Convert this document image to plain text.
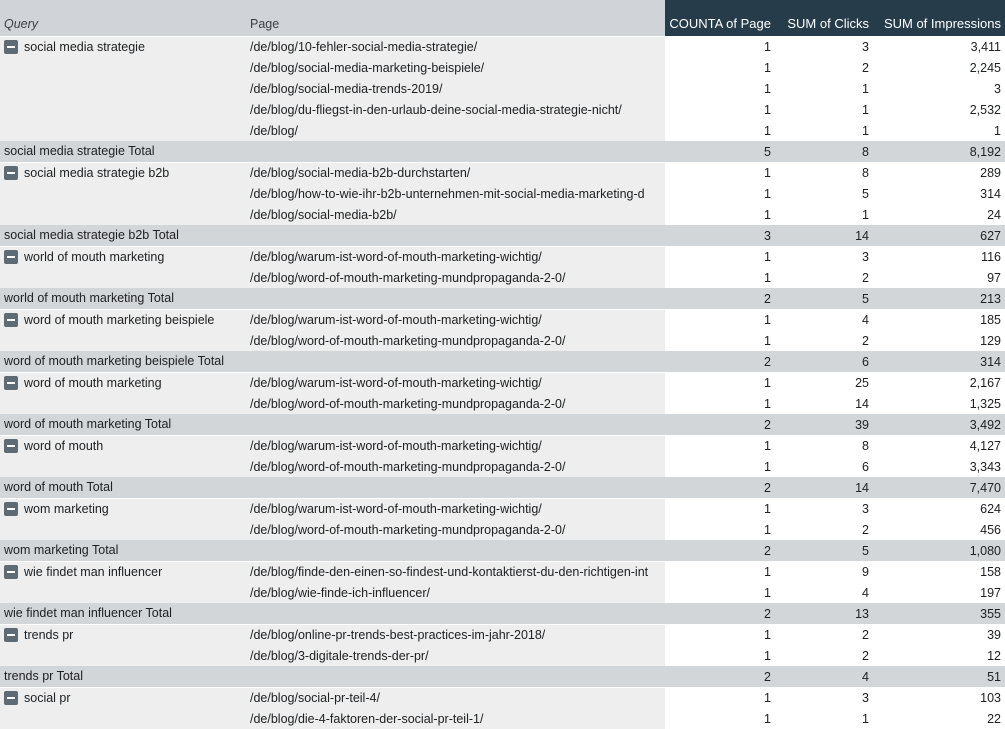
Query	Page	COUNTA of Page	SUM of Clicks	SUM of Impressions

social media strategie	/de/blog/10-fehler-social-media-strategie/	1	3	3,411
	/de/blog/social-media-marketing-beispiele/	1	2	2,245
	/de/blog/social-media-trends-2019/	1	1	3
	/de/blog/du-fliegst-in-den-urlaub-deine-social-media-strategie-nicht/	1	1	2,532
	/de/blog/	1	1	1
social media strategie Total		5	8	8,192

social media strategie b2b	/de/blog/social-media-b2b-durchstarten/	1	8	289
	/de/blog/how-to-wie-ihr-b2b-unternehmen-mit-social-media-marketing-d	1	5	314
	/de/blog/social-media-b2b/	1	1	24
social media strategie b2b Total		3	14	627

world of mouth marketing	/de/blog/warum-ist-word-of-mouth-marketing-wichtig/	1	3	116
	/de/blog/word-of-mouth-marketing-mundpropaganda-2-0/	1	2	97
world of mouth marketing Total		2	5	213

word of mouth marketing beispiele	/de/blog/warum-ist-word-of-mouth-marketing-wichtig/	1	4	185
	/de/blog/word-of-mouth-marketing-mundpropaganda-2-0/	1	2	129
word of mouth marketing beispiele Total		2	6	314

word of mouth marketing	/de/blog/warum-ist-word-of-mouth-marketing-wichtig/	1	25	2,167
	/de/blog/word-of-mouth-marketing-mundpropaganda-2-0/	1	14	1,325
word of mouth marketing Total		2	39	3,492

word of mouth	/de/blog/warum-ist-word-of-mouth-marketing-wichtig/	1	8	4,127
	/de/blog/word-of-mouth-marketing-mundpropaganda-2-0/	1	6	3,343
word of mouth Total		2	14	7,470

wom marketing	/de/blog/warum-ist-word-of-mouth-marketing-wichtig/	1	3	624
	/de/blog/word-of-mouth-marketing-mundpropaganda-2-0/	1	2	456
wom marketing Total		2	5	1,080

wie findet man influencer	/de/blog/finde-den-einen-so-findest-und-kontaktierst-du-den-richtigen-int	1	9	158
	/de/blog/wie-finde-ich-influencer/	1	4	197
wie findet man influencer Total		2	13	355

trends pr	/de/blog/online-pr-trends-best-practices-im-jahr-2018/	1	2	39
	/de/blog/3-digitale-trends-der-pr/	1	2	12
trends pr Total		2	4	51

social pr	/de/blog/social-pr-teil-4/	1	3	103
	/de/blog/die-4-faktoren-der-social-pr-teil-1/	1	1	22
